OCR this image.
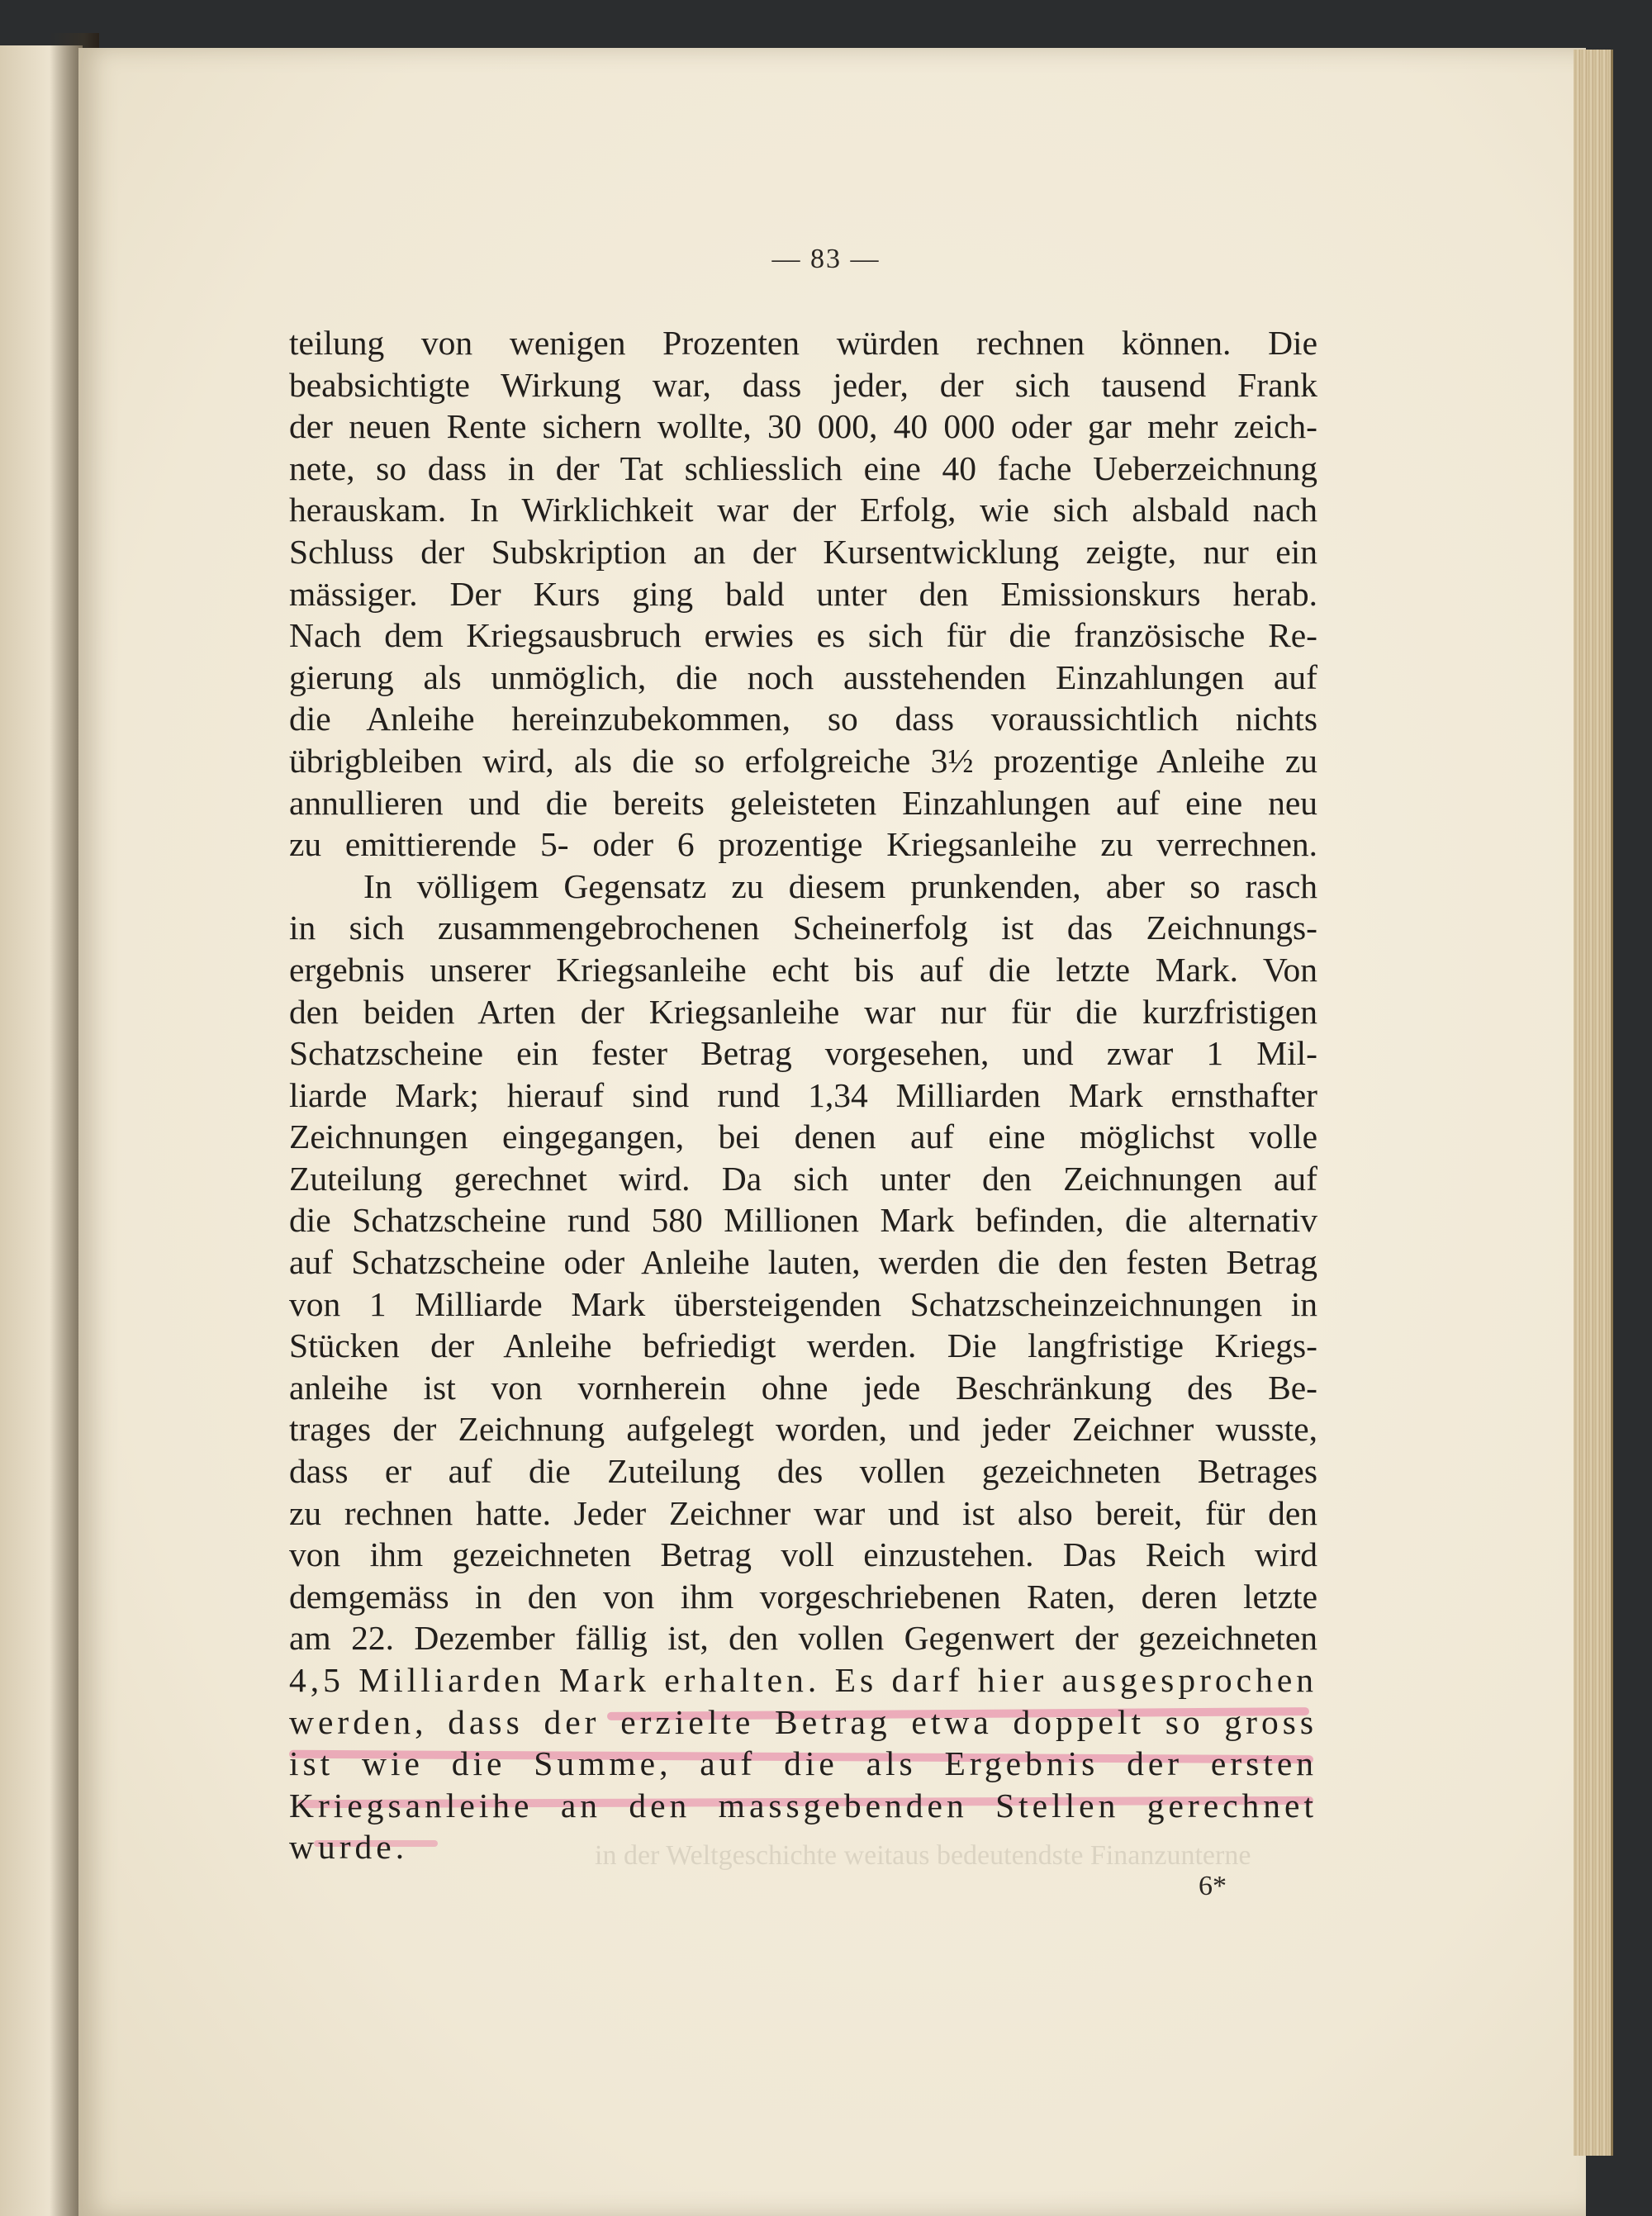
— 83 —
teilung von wenigen Prozenten würden rechnen können. Die
beabsichtigte Wirkung war, dass jeder, der sich tausend Frank
der neuen Rente sichern wollte, 30 000, 40 000 oder gar mehr zeich-
nete, so dass in der Tat schliesslich eine 40 fache Ueberzeichnung
herauskam. In Wirklichkeit war der Erfolg, wie sich alsbald nach
Schluss der Subskription an der Kursentwicklung zeigte, nur ein
mässiger. Der Kurs ging bald unter den Emissionskurs herab.
Nach dem Kriegsausbruch erwies es sich für die französische Re-
gierung als unmöglich, die noch ausstehenden Einzahlungen auf
die Anleihe hereinzubekommen, so dass voraussichtlich nichts
übrigbleiben wird, als die so erfolgreiche 3½ prozentige Anleihe zu
annullieren und die bereits geleisteten Einzahlungen auf eine neu
zu emittierende 5- oder 6 prozentige Kriegsanleihe zu verrechnen.
In völligem Gegensatz zu diesem prunkenden, aber so rasch
in sich zusammengebrochenen Scheinerfolg ist das Zeichnungs-
ergebnis unserer Kriegsanleihe echt bis auf die letzte Mark. Von
den beiden Arten der Kriegsanleihe war nur für die kurzfristigen
Schatzscheine ein fester Betrag vorgesehen, und zwar 1 Mil-
liarde Mark; hierauf sind rund 1,34 Milliarden Mark ernsthafter
Zeichnungen eingegangen, bei denen auf eine möglichst volle
Zuteilung gerechnet wird. Da sich unter den Zeichnungen auf
die Schatzscheine rund 580 Millionen Mark befinden, die alternativ
auf Schatzscheine oder Anleihe lauten, werden die den festen Betrag
von 1 Milliarde Mark übersteigenden Schatzscheinzeichnungen in
Stücken der Anleihe befriedigt werden. Die langfristige Kriegs-
anleihe ist von vornherein ohne jede Beschränkung des Be-
trages der Zeichnung aufgelegt worden, und jeder Zeichner wusste,
dass er auf die Zuteilung des vollen gezeichneten Betrages
zu rechnen hatte. Jeder Zeichner war und ist also bereit, für den
von ihm gezeichneten Betrag voll einzustehen. Das Reich wird
demgemäss in den von ihm vorgeschriebenen Raten, deren letzte
am 22. Dezember fällig ist, den vollen Gegenwert der gezeichneten
4,5 Milliarden Mark erhalten. Es darf hier ausgesprochen
werden, dass der erzielte Betrag etwa doppelt so gross
ist wie die Summe, auf die als Ergebnis der ersten
Kriegsanleihe an den massgebenden Stellen gerechnet
wurde.	in der Weltgeschichte weitaus bedeutendste Finanzunterne
6*
